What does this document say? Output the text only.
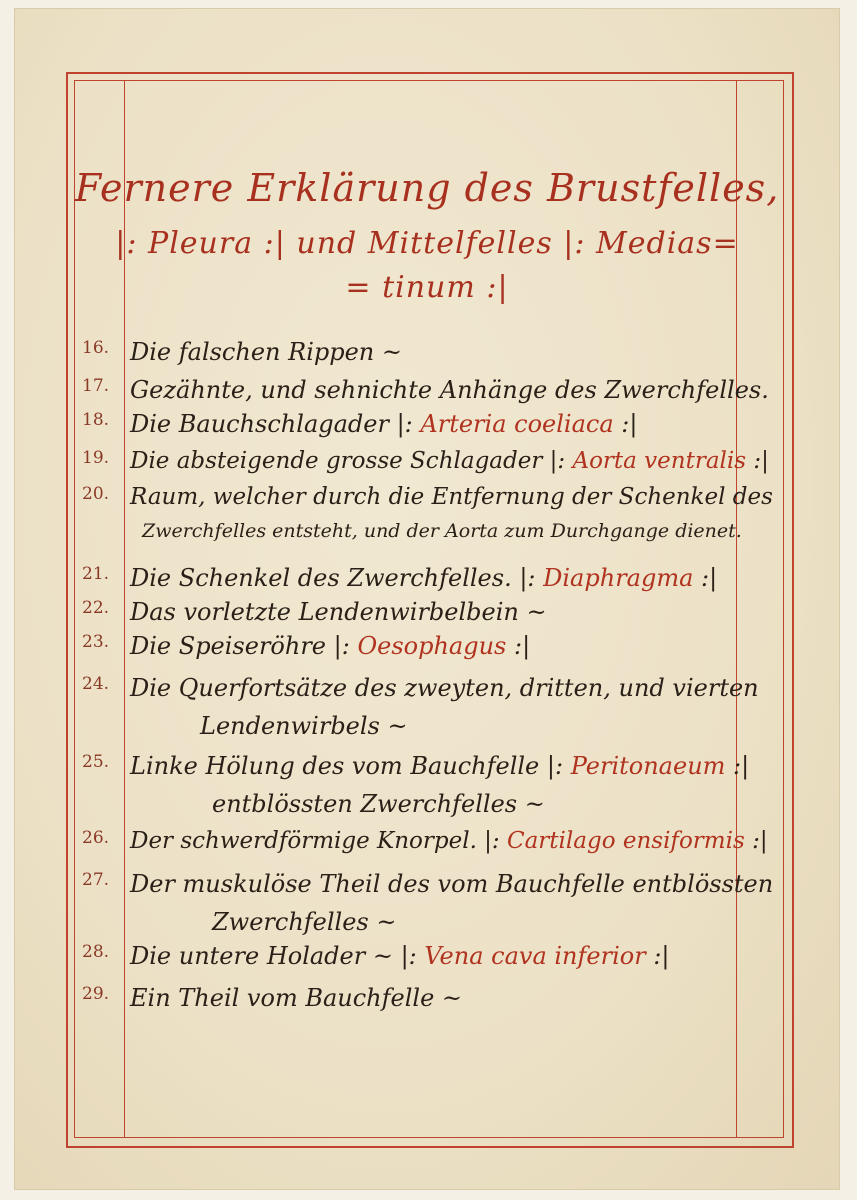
Fernere Erklärung des Brustfelles,
|: Pleura :| und Mittelfelles |: Medias=
= tinum :|
16. Die falschen Rippen ~
17. Gezähnte, und sehnichte Anhänge des Zwerchfelles.
18. Die Bauchschlagader |: Arteria coeliaca :|
19. Die absteigende grosse Schlagader |: Aorta ventralis :|
20. Raum, welcher durch die Entfernung der Schenkel des
Zwerchfelles entsteht, und der Aorta zum Durchgange dienet.
21. Die Schenkel des Zwerchfelles. |: Diaphragma :|
22. Das vorletzte Lendenwirbelbein ~
23. Die Speiseröhre |: Oesophagus :|
24. Die Querfortsätze des zweyten, dritten, und vierten
Lendenwirbels ~
25. Linke Hölung des vom Bauchfelle |: Peritonaeum :|
entblössten Zwerchfelles ~
26. Der schwerdförmige Knorpel. |: Cartilago ensiformis :|
27. Der muskulöse Theil des vom Bauchfelle entblössten
Zwerchfelles ~
28. Die untere Holader ~ |: Vena cava inferior :|
29. Ein Theil vom Bauchfelle ~
